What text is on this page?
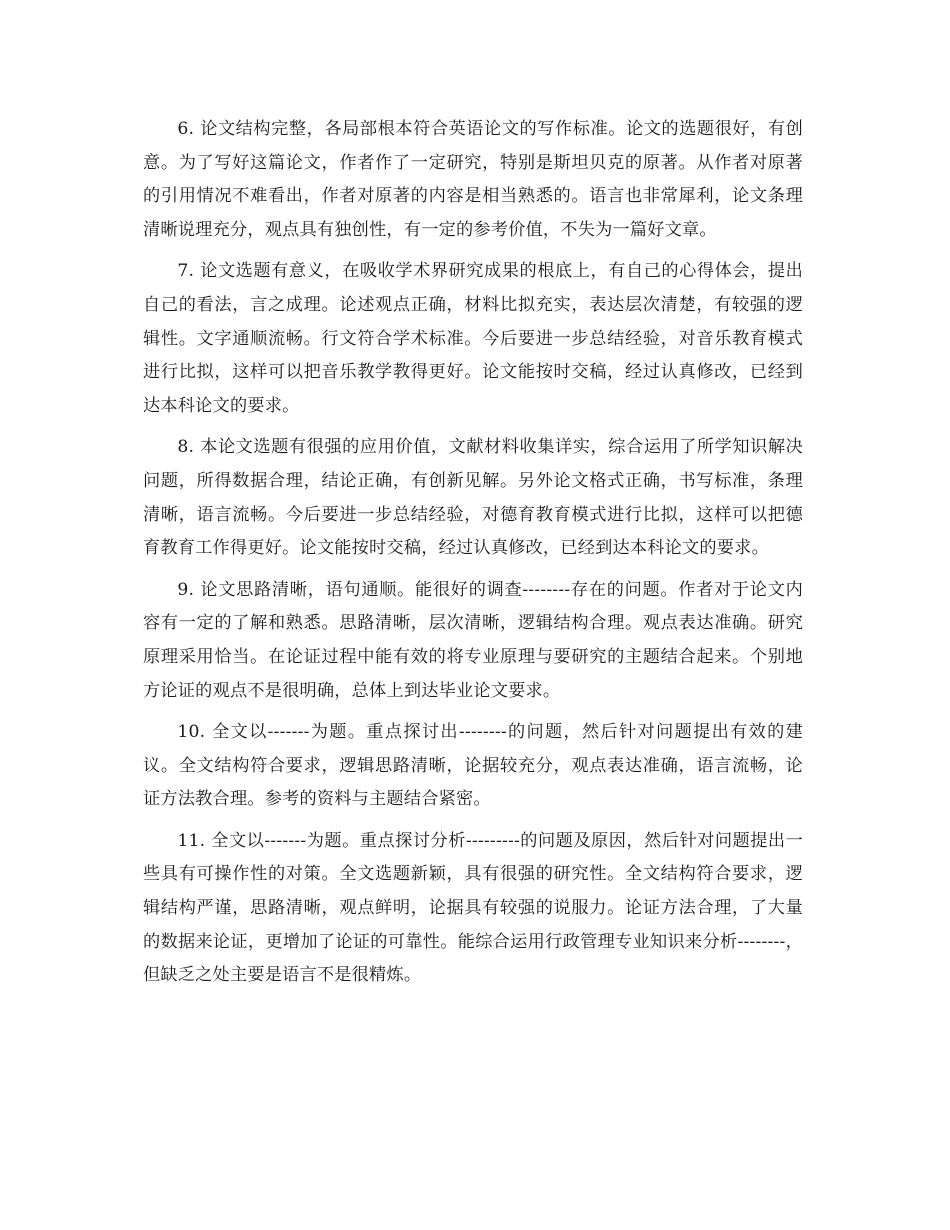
6. 论文结构完整，各局部根本符合英语论文的写作标准。论文的选题很好，有创意。为了写好这篇论文，作者作了一定研究，特别是斯坦贝克的原著。从作者对原著的引用情况不难看出，作者对原著的内容是相当熟悉的。语言也非常犀利，论文条理清晰说理充分，观点具有独创性，有一定的参考价值，不失为一篇好文章。

7. 论文选题有意义，在吸收学术界研究成果的根底上，有自己的心得体会，提出自己的看法，言之成理。论述观点正确，材料比拟充实，表达层次清楚，有较强的逻辑性。文字通顺流畅。行文符合学术标准。今后要进一步总结经验，对音乐教育模式进行比拟，这样可以把音乐教学教得更好。论文能按时交稿，经过认真修改，已经到达本科论文的要求。

8. 本论文选题有很强的应用价值，文献材料收集详实，综合运用了所学知识解决问题，所得数据合理，结论正确，有创新见解。另外论文格式正确，书写标准，条理清晰，语言流畅。今后要进一步总结经验，对德育教育模式进行比拟，这样可以把德育教育工作得更好。论文能按时交稿，经过认真修改，已经到达本科论文的要求。

9. 论文思路清晰，语句通顺。能很好的调查--------存在的问题。作者对于论文内容有一定的了解和熟悉。思路清晰，层次清晰，逻辑结构合理。观点表达准确。研究原理采用恰当。在论证过程中能有效的将专业原理与要研究的主题结合起来。个别地方论证的观点不是很明确，总体上到达毕业论文要求。

10. 全文以-------为题。重点探讨出--------的问题，然后针对问题提出有效的建议。全文结构符合要求，逻辑思路清晰，论据较充分，观点表达准确，语言流畅，论证方法教合理。参考的资料与主题结合紧密。

11. 全文以-------为题。重点探讨分析---------的问题及原因，然后针对问题提出一些具有可操作性的对策。全文选题新颖，具有很强的研究性。全文结构符合要求，逻辑结构严谨，思路清晰，观点鲜明，论据具有较强的说服力。论证方法合理，了大量的数据来论证，更增加了论证的可靠性。能综合运用行政管理专业知识来分析--------，但缺乏之处主要是语言不是很精炼。
